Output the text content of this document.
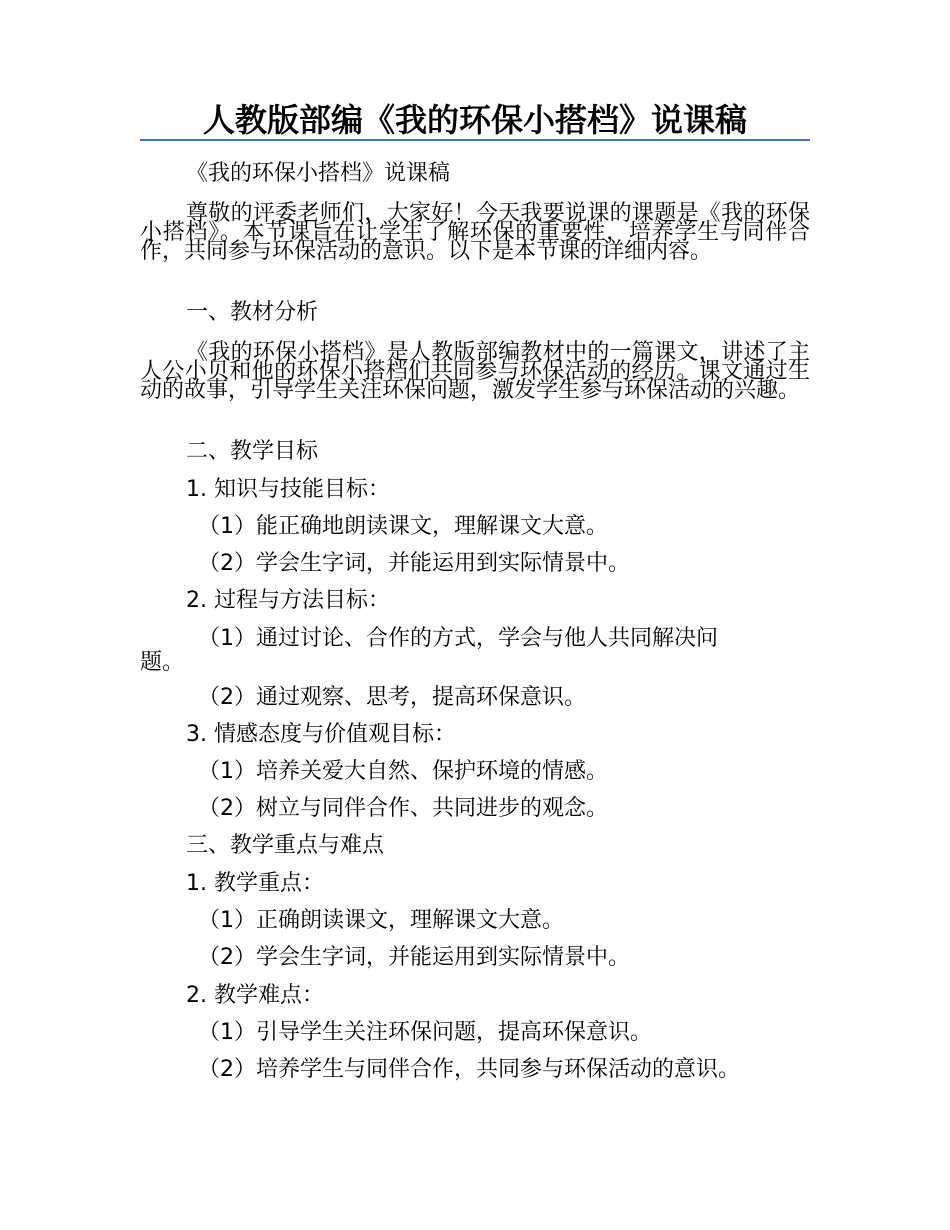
人教版部编《我的环保小搭档》说课稿
《我的环保小搭档》说课稿
尊敬的评委老师们，大家好！今天我要说课的课题是《我的环保小搭档》。本节课旨在让学生了解环保的重要性，培养学生与同伴合作，共同参与环保活动的意识。以下是本节课的详细内容。
一、教材分析
《我的环保小搭档》是人教版部编教材中的一篇课文，讲述了主人公小贝和他的环保小搭档们共同参与环保活动的经历。课文通过生动的故事，引导学生关注环保问题，激发学生参与环保活动的兴趣。
二、教学目标
1. 知识与技能目标：
（1）能正确地朗读课文，理解课文大意。
（2）学会生字词，并能运用到实际情景中。
2. 过程与方法目标：
（1）通过讨论、合作的方式，学会与他人共同解决问
题。
（2）通过观察、思考，提高环保意识。
3. 情感态度与价值观目标：
（1）培养关爱大自然、保护环境的情感。
（2）树立与同伴合作、共同进步的观念。
三、教学重点与难点
1. 教学重点：
（1）正确朗读课文，理解课文大意。
（2）学会生字词，并能运用到实际情景中。
2. 教学难点：
（1）引导学生关注环保问题，提高环保意识。
（2）培养学生与同伴合作，共同参与环保活动的意识。
